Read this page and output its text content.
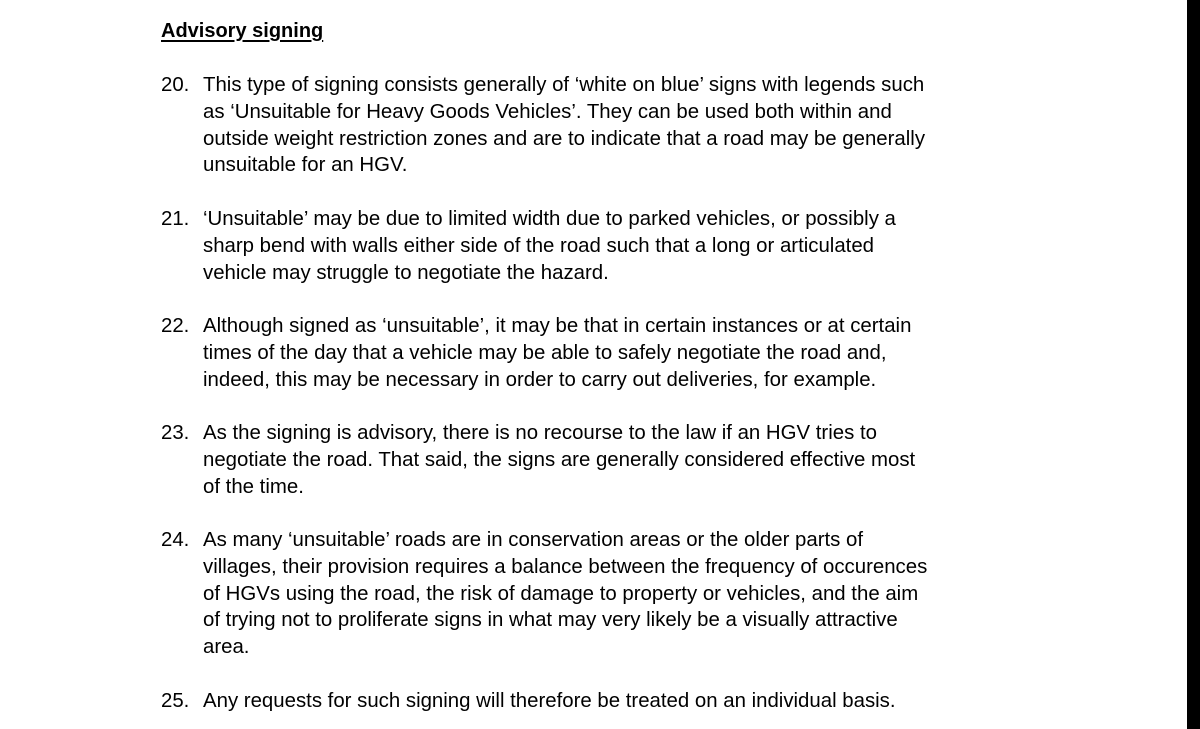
Advisory signing
20. This type of signing consists generally of ‘white on blue’ signs with legends such
as ‘Unsuitable for Heavy Goods Vehicles’. They can be used both within and
outside weight restriction zones and are to indicate that a road may be generally
unsuitable for an HGV.
21. ‘Unsuitable’ may be due to limited width due to parked vehicles, or possibly a
sharp bend with walls either side of the road such that a long or articulated
vehicle may struggle to negotiate the hazard.
22. Although signed as ‘unsuitable’, it may be that in certain instances or at certain
times of the day that a vehicle may be able to safely negotiate the road and,
indeed, this may be necessary in order to carry out deliveries, for example.
23. As the signing is advisory, there is no recourse to the law if an HGV tries to
negotiate the road. That said, the signs are generally considered effective most
of the time.
24. As many ‘unsuitable’ roads are in conservation areas or the older parts of
villages, their provision requires a balance between the frequency of occurences
of HGVs using the road, the risk of damage to property or vehicles, and the aim
of trying not to proliferate signs in what may very likely be a visually attractive
area.
25. Any requests for such signing will therefore be treated on an individual basis.
